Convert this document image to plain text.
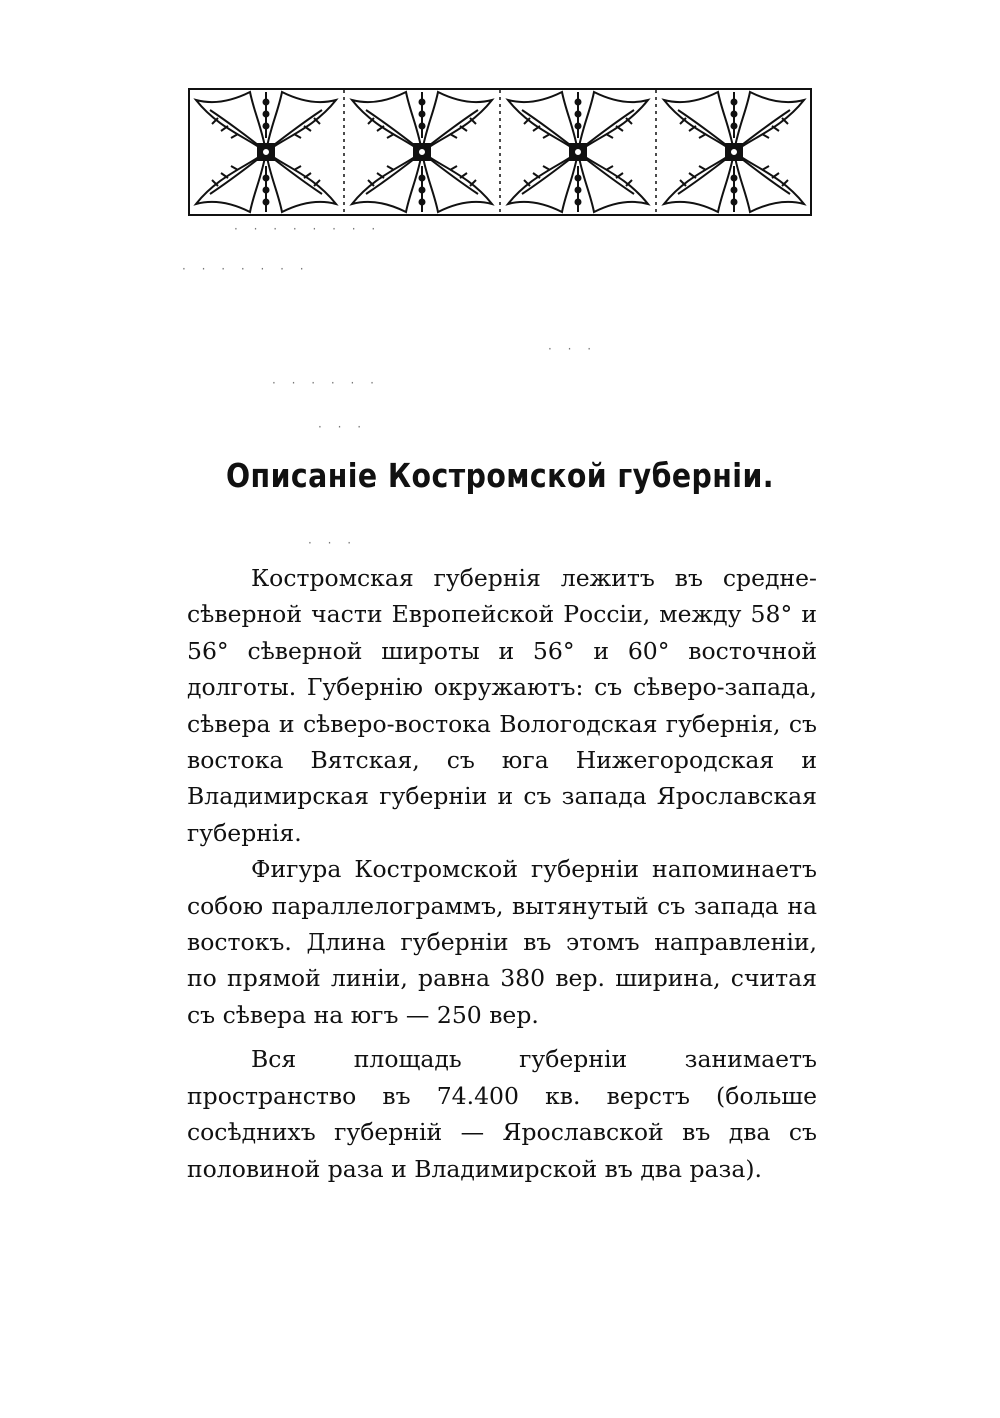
· · · · · · · ·
· · · · · · ·
· · ·
· · · · · ·
· · ·
· · ·
Описаніе Костромской губерніи.

Костромская губернія лежитъ въ средне-сѣверной части Европейской Россіи, между 58° и 56° сѣверной широты и 56° и 60° восточной долготы. Губернію окружаютъ: съ сѣверо-запада, сѣвера и сѣверо-востока Вологодская губернія, съ востока Вятская, съ юга Нижегородская и Владимирская губерніи и съ запада Ярославская губернія.

Фигура Костромской губерніи напоминаетъ собою параллелограммъ, вытянутый съ запада на востокъ. Длина губерніи въ этомъ направленіи, по прямой линіи, равна 380 вер. ширина, считая съ сѣвера на югъ — 250 вер.

Вся площадь губерніи занимаетъ пространство въ 74.400 кв. верстъ (больше сосѣднихъ губерній — Ярославской въ два съ половиной раза и Владимирской въ два раза).
